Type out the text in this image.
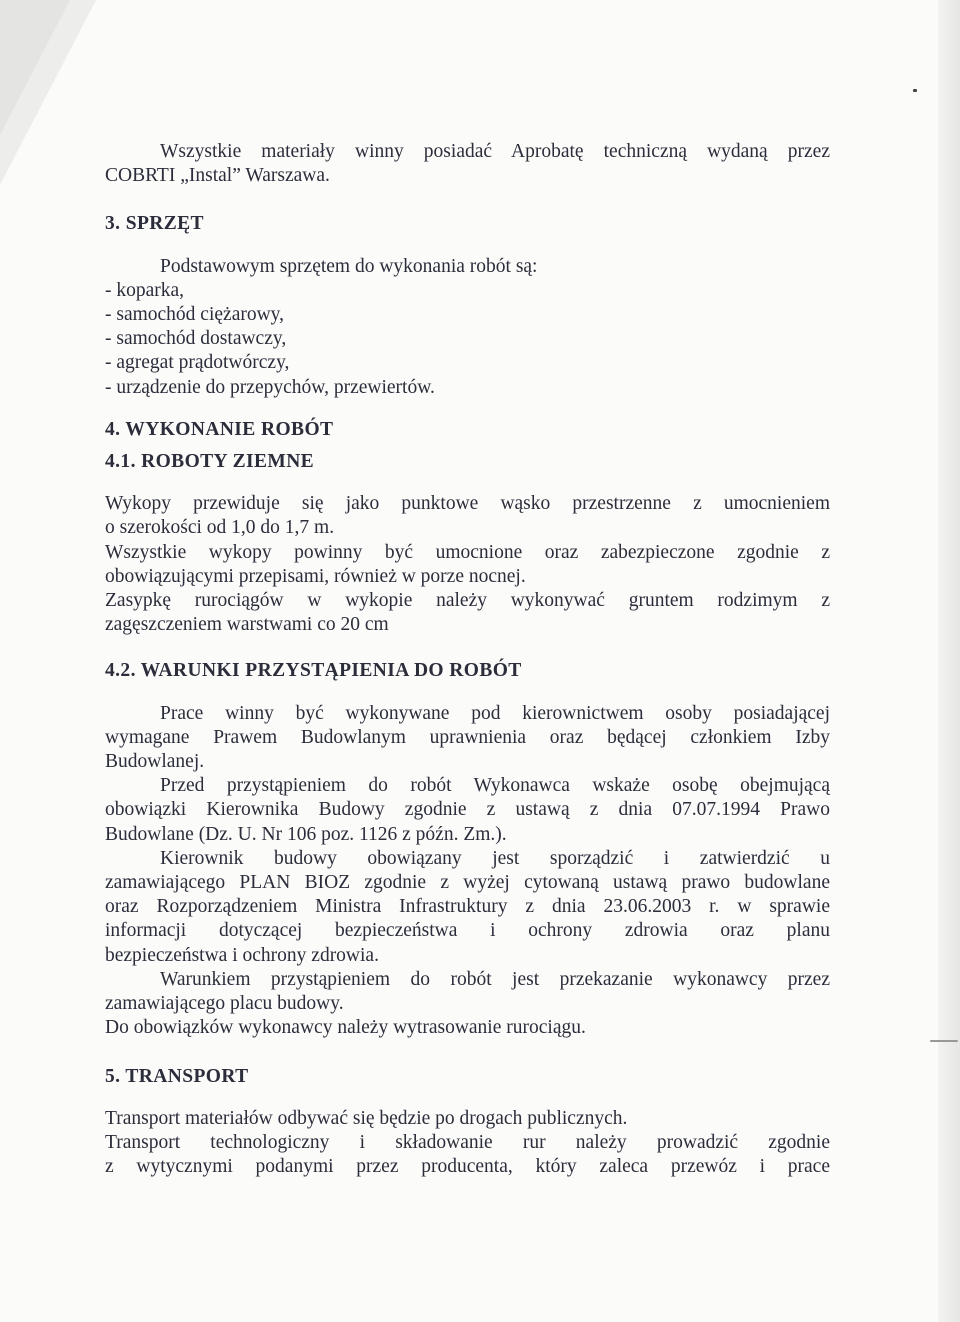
Wszystkie materiały winny posiadać Aprobatę techniczną wydaną przez

COBRTI „Instal” Warszawa.

3. SPRZĘT

Podstawowym sprzętem do wykonania robót są:

- koparka,

- samochód ciężarowy,

- samochód dostawczy,

- agregat prądotwórczy,

- urządzenie do przepychów, przewiertów.

4. WYKONANIE ROBÓT

4.1. ROBOTY ZIEMNE

Wykopy przewiduje się jako punktowe wąsko przestrzenne z umocnieniem

o szerokości od 1,0 do 1,7 m.

Wszystkie wykopy powinny być umocnione oraz zabezpieczone zgodnie z

obowiązującymi przepisami, również w porze nocnej.

Zasypkę rurociągów w wykopie należy wykonywać gruntem rodzimym z

zagęszczeniem warstwami co 20 cm

4.2. WARUNKI PRZYSTĄPIENIA DO ROBÓT

Prace winny być wykonywane pod kierownictwem osoby posiadającej

wymagane Prawem Budowlanym uprawnienia oraz będącej członkiem Izby

Budowlanej.

Przed przystąpieniem do robót Wykonawca wskaże osobę obejmującą

obowiązki Kierownika Budowy zgodnie z ustawą z dnia 07.07.1994 Prawo

Budowlane (Dz. U. Nr 106 poz. 1126 z późn. Zm.).

Kierownik budowy obowiązany jest sporządzić i zatwierdzić u

zamawiającego PLAN BIOZ zgodnie z wyżej cytowaną ustawą prawo budowlane

oraz Rozporządzeniem Ministra Infrastruktury z dnia 23.06.2003 r. w sprawie

informacji dotyczącej bezpieczeństwa i ochrony zdrowia oraz planu

bezpieczeństwa i ochrony zdrowia.

Warunkiem przystąpieniem do robót jest przekazanie wykonawcy przez

zamawiającego placu budowy.

Do obowiązków wykonawcy należy wytrasowanie rurociągu.

5. TRANSPORT

Transport materiałów odbywać się będzie po drogach publicznych.

Transport technologiczny i składowanie rur należy prowadzić zgodnie

z wytycznymi podanymi przez producenta, który zaleca przewóz i prace
